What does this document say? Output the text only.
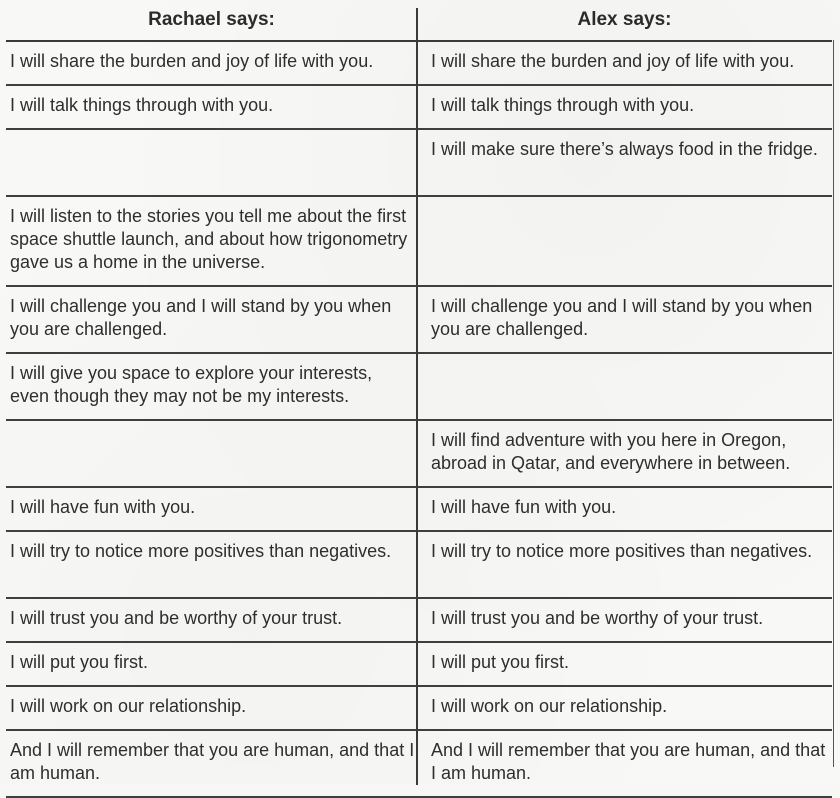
Rachael says:	Alex says:
I will share the burden and joy of life with you.	I will share the burden and joy of life with you.
I will talk things through with you.	I will talk things through with you.
	I will make sure there’s always food in the fridge.
I will listen to the stories you tell me about the first space shuttle launch, and about how trigonometry gave us a home in the universe.	
I will challenge you and I will stand by you when you are challenged.	I will challenge you and I will stand by you when you are challenged.
I will give you space to explore your interests, even though they may not be my interests.	
	I will find adventure with you here in Oregon, abroad in Qatar, and everywhere in between.
I will have fun with you.	I will have fun with you.
I will try to notice more positives than negatives.	I will try to notice more positives than negatives.
I will trust you and be worthy of your trust.	I will trust you and be worthy of your trust.
I will put you first.	I will put you first.
I will work on our relationship.	I will work on our relationship.
And I will remember that you are human, and that I am human.	And I will remember that you are human, and that I am human.
